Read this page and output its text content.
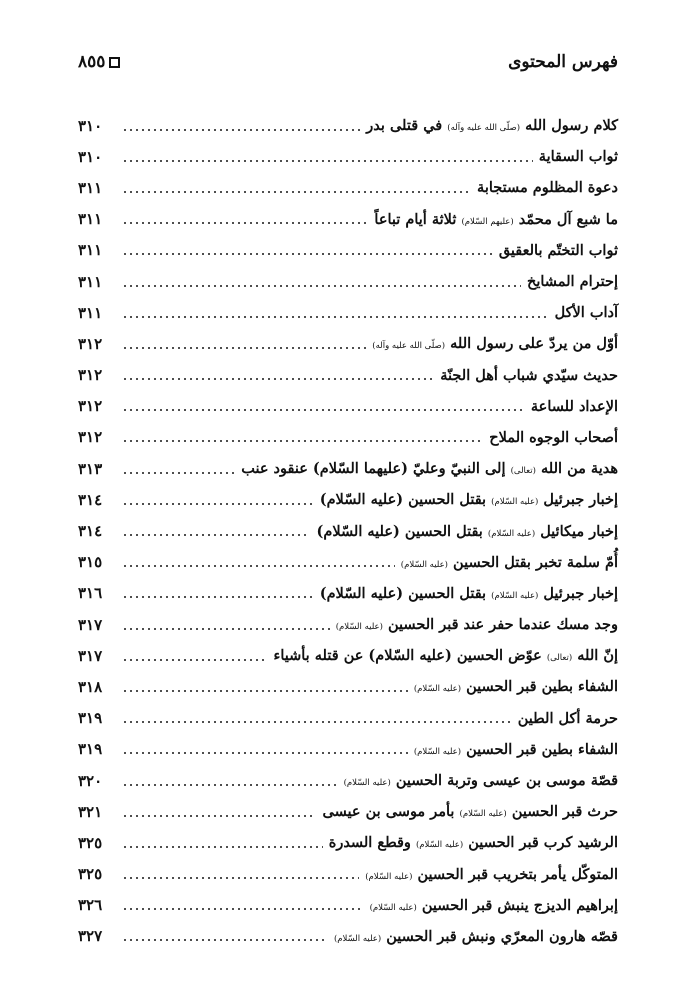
٨٥٥	فهرس المحتوى
كلام رسول الله (صلّى الله عليه وآله) في قتلى بدر
٣١٠
ثواب السقاية
٣١٠
دعوة المظلوم مستجابة
٣١١
ما شبع آل محمّد (عليهم السّلام) ثلاثة أيام تباعاً
٣١١
ثواب التختّم بالعقيق
٣١١
إحترام المشايخ
٣١١
آداب الأكل
٣١١
أوّل من يردّ على رسول الله (صلّى الله عليه وآله)
٣١٢
حديث سيّدي شباب أهل الجنّة
٣١٢
الإعداد للساعة
٣١٢
أصحاب الوجوه الملاح
٣١٢
هدية من الله (تعالى) إلى النبيّ وعليّ (عليهما السّلام) عنقود عنب
٣١٣
إخبار جبرئيل (عليه السّلام) بقتل الحسين (عليه السّلام)
٣١٤
إخبار ميكائيل (عليه السّلام) بقتل الحسين (عليه السّلام)
٣١٤
أُمّ سلمة تخبر بقتل الحسين (عليه السّلام)
٣١٥
إخبار جبرئيل (عليه السّلام) بقتل الحسين (عليه السّلام)
٣١٦
وجد مسك عندما حفر عند قبر الحسين (عليه السّلام)
٣١٧
إنّ الله (تعالى) عوّض الحسين (عليه السّلام) عن قتله بأشياء
٣١٧
الشفاء بطين قبر الحسين (عليه السّلام)
٣١٨
حرمة أكل الطين
٣١٩
الشفاء بطين قبر الحسين (عليه السّلام)
٣١٩
قصّة موسى بن عيسى وتربة الحسين (عليه السّلام)
٣٢٠
حرث قبر الحسين (عليه السّلام) بأمر موسى بن عيسى
٣٢١
الرشيد كرب قبر الحسين (عليه السّلام) وقطع السدرة
٣٢٥
المتوكّل يأمر بتخريب قبر الحسين (عليه السّلام)
٣٢٥
إبراهيم الديزج ينبش قبر الحسين (عليه السّلام)
٣٢٦
قصّه هارون المعرّي ونبش قبر الحسين (عليه السّلام)
٣٢٧
